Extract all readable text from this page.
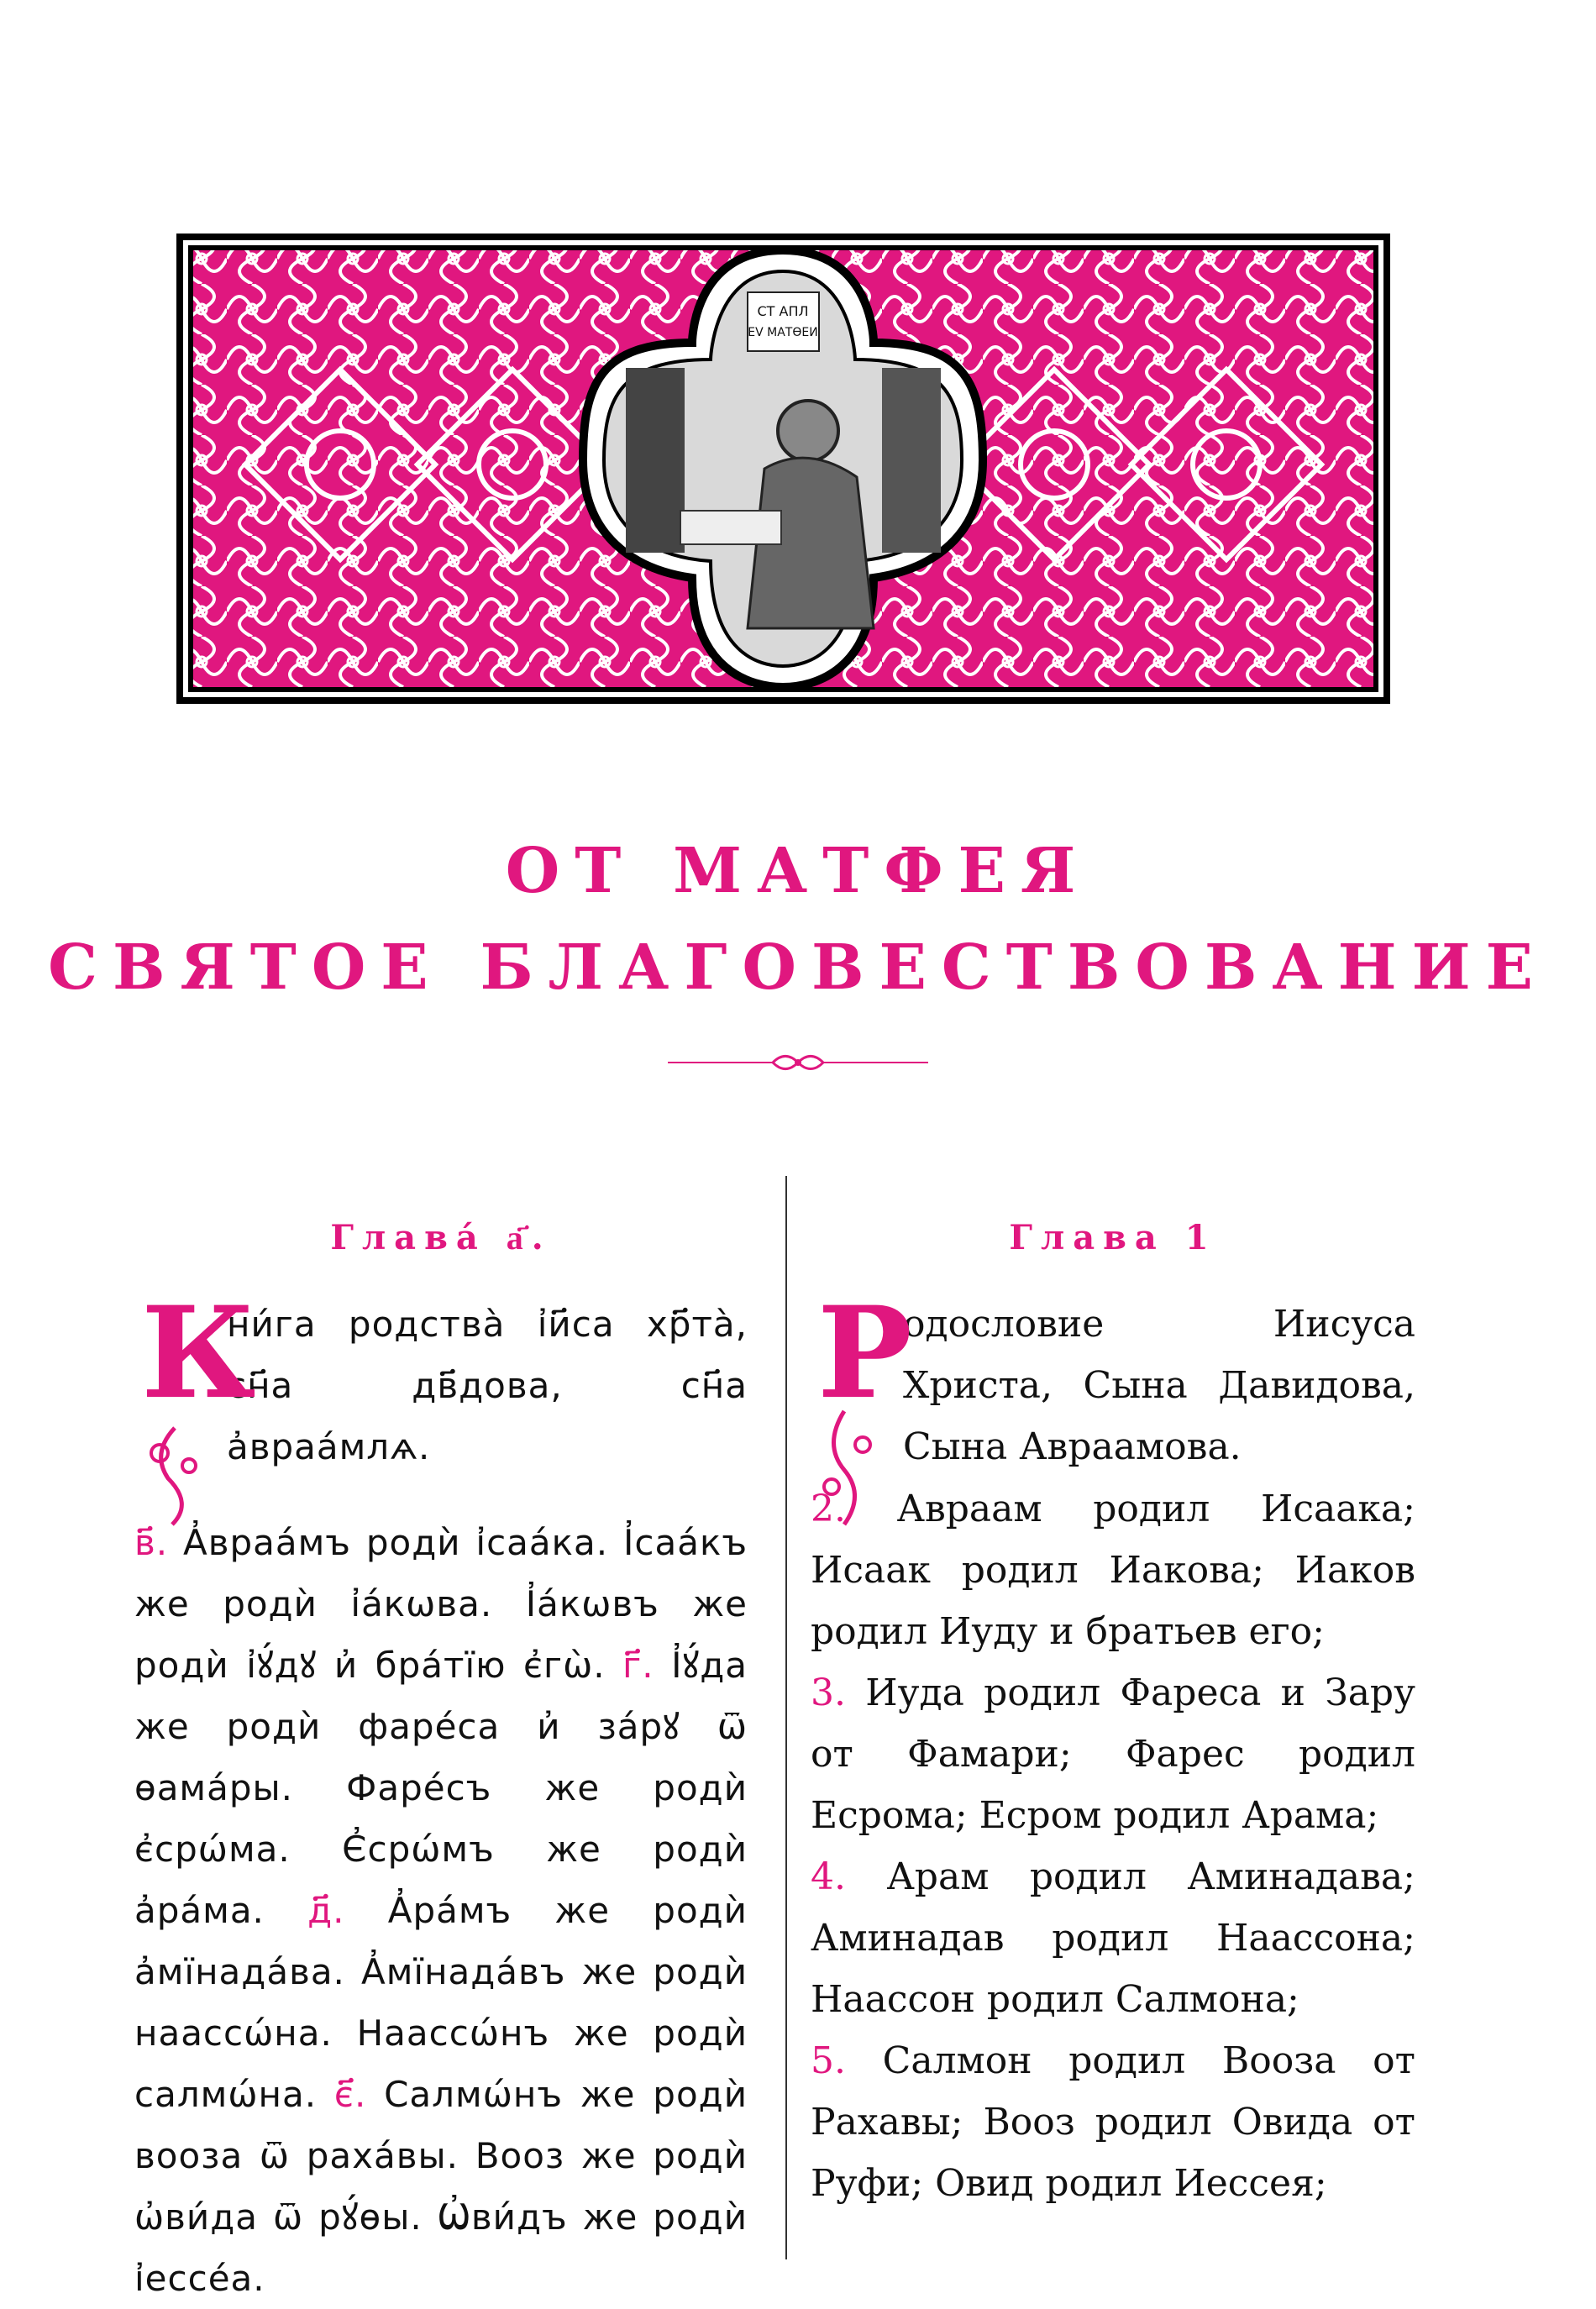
СТ АПЛ
ЕV МАТѲЕИ
ОТ МАТФЕЯ
СВЯТОЕ БЛАГОВЕСТВОВАНИЕ
Главá а҃.
К
ни́га родства̀ і҆и҃са хр҃та̀, сн҃а дв҃дова, сн҃а а҆враа́млѧ.
в҃. А҆враа́мъ родѝ і҆саа́ка. І҆саа́къ же родѝ і҆а́кѡва. І҆а́кѡвъ же родѝ і҆ꙋ́дꙋ и҆ бра́тїю є҆гѡ̀. г҃. І҆ꙋ́да же родѝ фаре́са и҆ за́рꙋ ѿ ѳама́ры. Фаре́съ же родѝ є҆срѡ́ма. Є҆срѡ́мъ же родѝ а҆ра́ма. д҃. А҆ра́мъ же родѝ а҆мїнада́ва. А҆мїнада́въ же родѝ наассѡ́на. Наассѡ́нъ же родѝ салмѡ́на. є҃. Салмѡ́нъ же родѝ вооза ѿ раха́вы. Вооз же родѝ ѡ҆ви́да ѿ рꙋ́ѳы. Ѡ҆ви́дъ же родѝ і҆ессе́а.
Глава 1
Р
одословие Иисуса Христа, Сына Давидова, Сына Авраамова.
2. Авраам родил Исаака; Исаак родил Иакова; Иаков родил Иуду и братьев его;
3. Иуда родил Фареса и Зару от Фамари; Фарес родил Есрома; Есром родил Арама;
4. Арам родил Аминадава; Аминадав родил Наассона; Наассон родил Салмона;
5. Салмон родил Вооза от Рахавы; Вооз родил Овида от Руфи; Овид родил Иессея;
